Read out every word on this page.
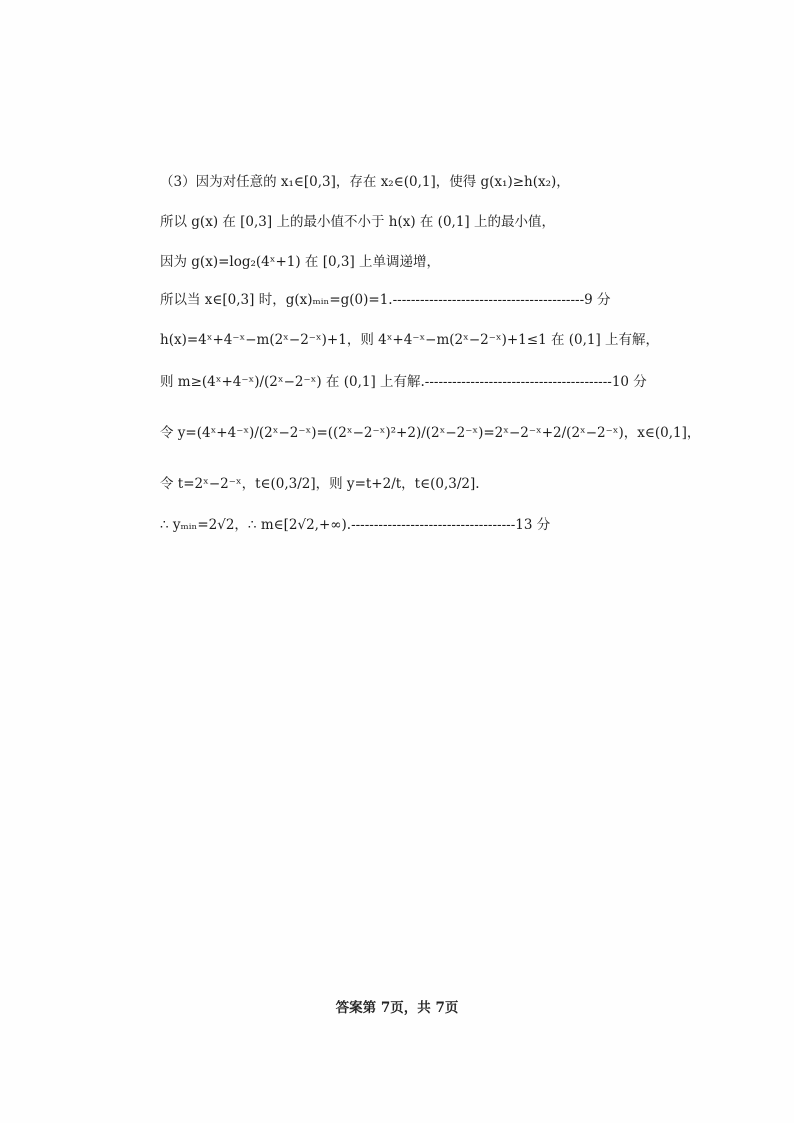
（3）因为对任意的 x₁∈[0,3]，存在 x₂∈(0,1]，使得 g(x₁)≥h(x₂)，
所以 g(x) 在 [0,3] 上的最小值不小于 h(x) 在 (0,1] 上的最小值，
因为 g(x)=log₂(4ˣ+1) 在 [0,3] 上单调递增，
所以当 x∈[0,3] 时，g(x)ₘᵢₙ=g(0)=1.------------------------------------------9 分
h(x)=4ˣ+4⁻ˣ−m(2ˣ−2⁻ˣ)+1，则 4ˣ+4⁻ˣ−m(2ˣ−2⁻ˣ)+1≤1 在 (0,1] 上有解，
则 m≥(4ˣ+4⁻ˣ)/(2ˣ−2⁻ˣ) 在 (0,1] 上有解.-----------------------------------------10 分
令 y=(4ˣ+4⁻ˣ)/(2ˣ−2⁻ˣ)=((2ˣ−2⁻ˣ)²+2)/(2ˣ−2⁻ˣ)=2ˣ−2⁻ˣ+2/(2ˣ−2⁻ˣ)，x∈(0,1]，
令 t=2ˣ−2⁻ˣ，t∈(0,3/2]，则 y=t+2/t，t∈(0,3/2].
∴ yₘᵢₙ=2√2，∴ m∈[2√2,+∞).------------------------------------13 分
答案第 7页，共 7页
